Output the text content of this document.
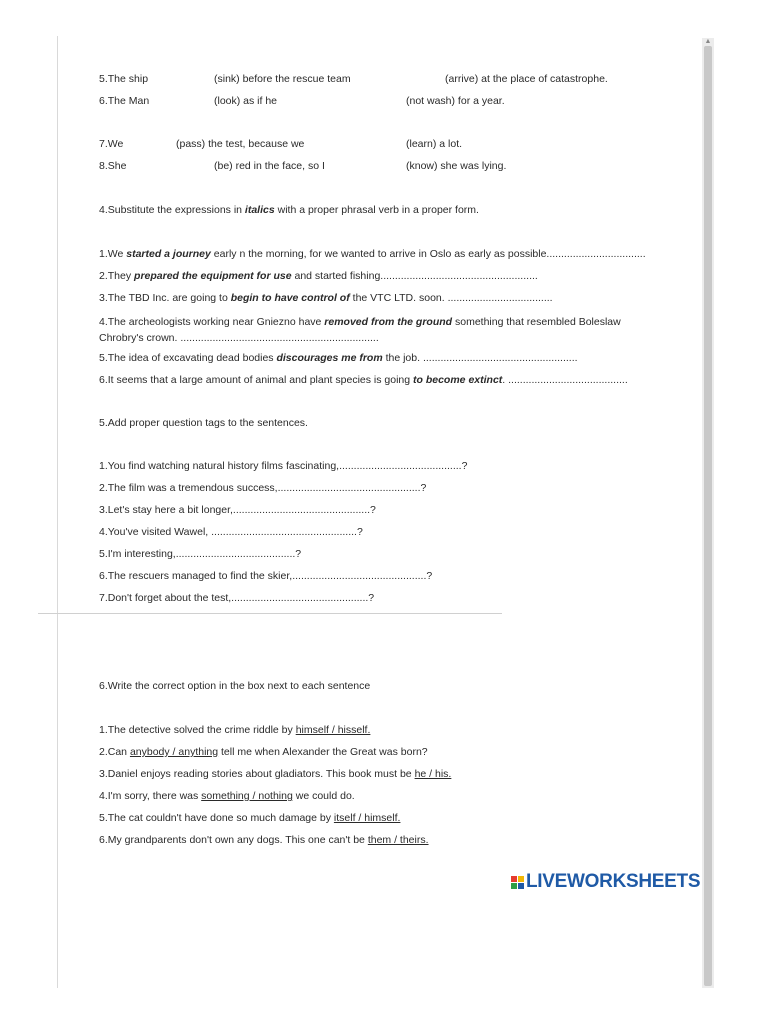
▲
5.The ship	(sink) before the rescue team	(arrive) at the place of catastrophe.
6.The Man	(look) as if he	(not wash) for a year.
7.We	(pass) the test, because we	(learn) a lot.
8.She	(be) red in the face, so I	(know) she was lying.
4.Substitute the expressions in italics with a proper phrasal verb in a proper form.
1.We started a journey early n the morning, for we wanted to arrive in Oslo as early as possible..................................
2.They prepared the equipment for use and started fishing......................................................
3.The TBD Inc. are going to begin to have control of the VTC LTD. soon. ....................................
4.The archeologists working near Gniezno have removed from the ground something that resembled Boleslaw Chrobry's crown. ....................................................................
5.The idea of excavating dead bodies discourages me from the job. .....................................................
6.It seems that a large amount of animal and plant species is going to become extinct. .........................................
5.Add proper question tags to the sentences.
1.You find watching natural history films fascinating,..........................................?
2.The film was a tremendous success,.................................................?
3.Let's stay here a bit longer,...............................................?
4.You've visited Wawel, ..................................................?
5.I'm interesting,.........................................?
6.The rescuers managed to find the skier,..............................................?
7.Don't forget about the test,...............................................?
6.Write the correct option in the box next to each sentence
1.The detective solved the crime riddle by himself / hisself.
2.Can anybody / anything tell me when Alexander the Great was born?
3.Daniel enjoys reading stories about gladiators. This book must be he / his.
4.I'm sorry, there was something / nothing we could do.
5.The cat couldn't have done so much damage by itself / himself.
6.My grandparents don't own any dogs. This one can't be them / theirs.
LIVEWORKSHEETS
